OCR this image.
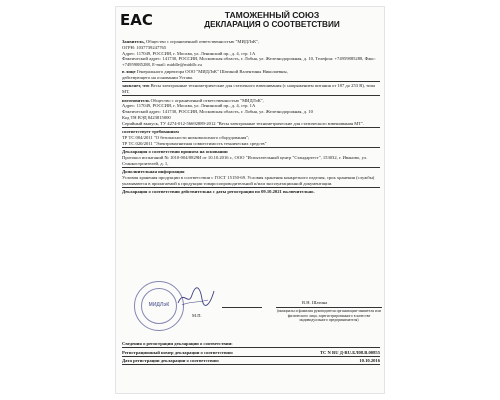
ЕАС	ТАМОЖЕННЫЙ СОЮЗ
ДЕКЛАРАЦИЯ О СООТВЕТСТВИИ
Заявитель, Общество с ограниченной ответственностью "МИДЛэК",
ОГРН: 1037739247765
Адрес: 117049, РОССИЯ, г. Москва, ул. Ленинский пр., д. 4, стр. 1А
Фактический адрес: 141730, РОССИЯ, Московская область, г. Лобня, ул. Железнодорожная, д. 10, Телефон: +74959885288, Факс: +74959885288, E-mail: middle@middlc.ru
в лице Генерального директора ООО "МИДЛэК" Шатиной Валентины Николаевны,
действующего на основании Устава.
заявляет, что Весы электронные технометрические для статичного взвешивания (с напряжением питания от 187 до 253 В), типа МТ,
изготовитель Общество с ограниченной ответственностью "МИДЛэК",
Адрес: 117049, РОССИЯ, г. Москва, ул. Ленинский пр., д. 4, стр. 1А
Фактический адрес: 141730, РОССИЯ, Московская область, г. Лобня, ул. Железнодорожная, д. 10
Код ТН ВЭД 8423815000
Серийный выпуск, ТУ 4274-012-56692889-2012 "Весы электронные технометрические для статического взвешивания МТ".
соответствует требованиям
ТР ТС 004/2011 "О безопасности низковольтного оборудования";
ТР ТС 020/2011 "Электромагнитная совместимость технических средств"
Декларация о соответствии принята на основании
Протокол испытаний № 1010-004/0829И от 10.10.2016 г., ООО "Испытательный центр "Стандартест", 153032, г. Иваново, ул. Станкостроителей, д. 1,
Дополнительная информация
Условия хранения продукции в соответствии с ГОСТ 15150-69. Условия хранения конкретного изделия, срок хранения (службы) указываются в прилагаемой к продукции товаросопроводительной и/или эксплуатационной документации.
Декларация о соответствии действительна с даты регистрации по 09.10.2021 включительно.
МИДЛэК
М.П.
В.Н. Шатина
(инициалы и фамилия руководителя организации-заявителя или физического лица, зарегистрированного в качестве индивидуального предпринимателя)
Сведения о регистрации декларации о соответствии:
Регистрационный номер декларации о соответствии:	ТС N RU Д-RU.БЛ08.В.00855
Дата регистрации декларации о соответствии:	10.10.2016
